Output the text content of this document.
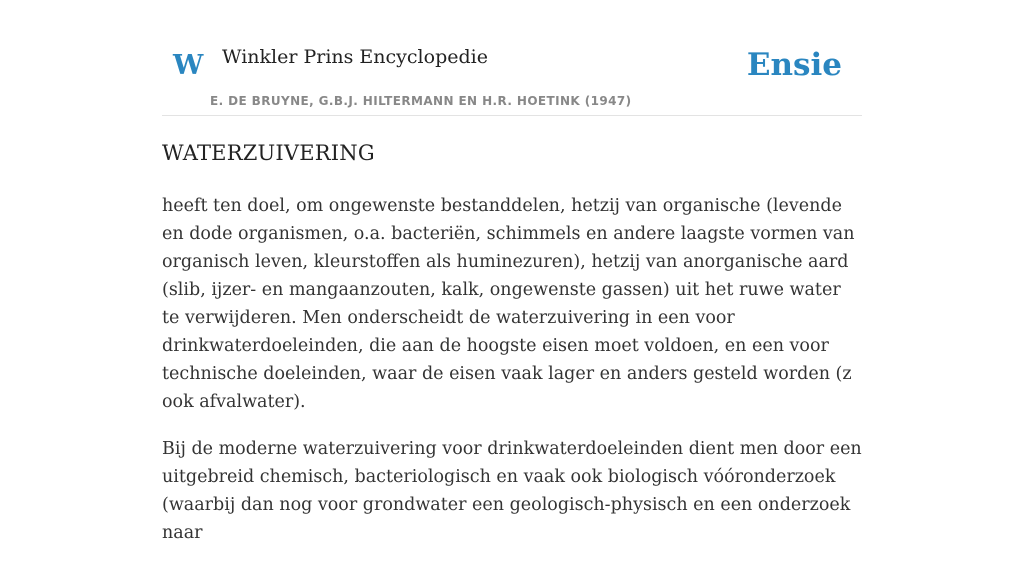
W Winkler Prins Encyclopedie
E. DE BRUYNE, G.B.J. HILTERMANN EN H.R. HOETINK (1947)
Ensie
WATERZUIVERING

heeft ten doel, om ongewenste bestanddelen, hetzij van organische (levende en dode organismen, o.a. bacteriën, schimmels en andere laagste vormen van organisch leven, kleurstoffen als huminezuren), hetzij van anorganische aard (slib, ijzer- en mangaanzouten, kalk, ongewenste gassen) uit het ruwe water te verwijderen. Men onderscheidt de waterzuivering in een voor drinkwaterdoeleinden, die aan de hoogste eisen moet voldoen, en een voor technische doeleinden, waar de eisen vaak lager en anders gesteld worden (z ook afvalwater).

Bij de moderne waterzuivering voor drinkwaterdoeleinden dient men door een uitgebreid chemisch, bacteriologisch en vaak ook biologisch vóóronderzoek (waarbij dan nog voor grondwater een geologisch-physisch en een onderzoek naar
